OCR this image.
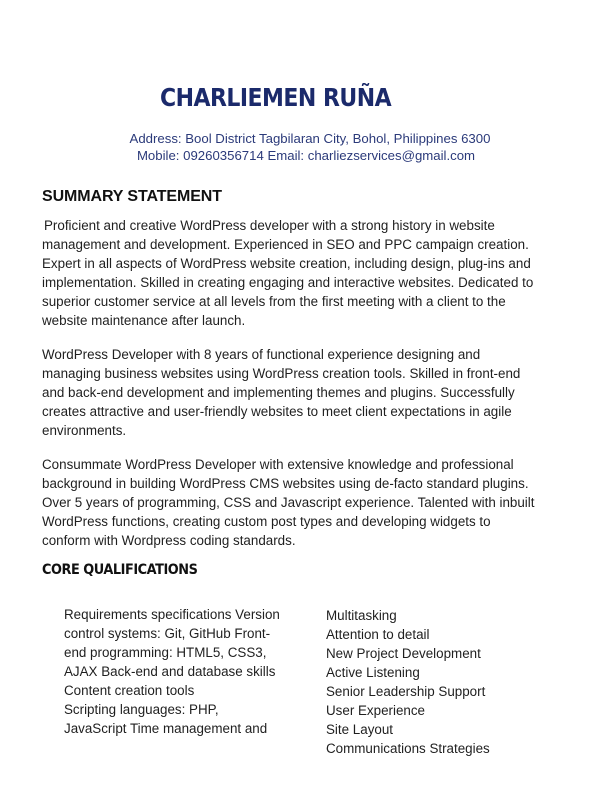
CHARLIEMEN RUÑA
Address: Bool District Tagbilaran City, Bohol, Philippines 6300
Mobile: 09260356714 Email: charliezservices@gmail.com
SUMMARY STATEMENT
Proficient and creative WordPress developer with a strong history in website
management and development. Experienced in SEO and PPC campaign creation.
Expert in all aspects of WordPress website creation, including design, plug-ins and
implementation. Skilled in creating engaging and interactive websites. Dedicated to
superior customer service at all levels from the first meeting with a client to the
website maintenance after launch.
WordPress Developer with 8 years of functional experience designing and
managing business websites using WordPress creation tools. Skilled in front-end
and back-end development and implementing themes and plugins. Successfully
creates attractive and user-friendly websites to meet client expectations in agile
environments.
Consummate WordPress Developer with extensive knowledge and professional
background in building WordPress CMS websites using de-facto standard plugins.
Over 5 years of programming, CSS and Javascript experience. Talented with inbuilt
WordPress functions, creating custom post types and developing widgets to
conform with Wordpress coding standards.
CORE QUALIFICATIONS
Requirements specifications Version
control systems: Git, GitHub Front-
end programming: HTML5, CSS3,
AJAX Back-end and database skills
Content creation tools
Scripting languages: PHP,
JavaScript Time management and
Multitasking
Attention to detail
New Project Development
Active Listening
Senior Leadership Support
User Experience
Site Layout
Communications Strategies
